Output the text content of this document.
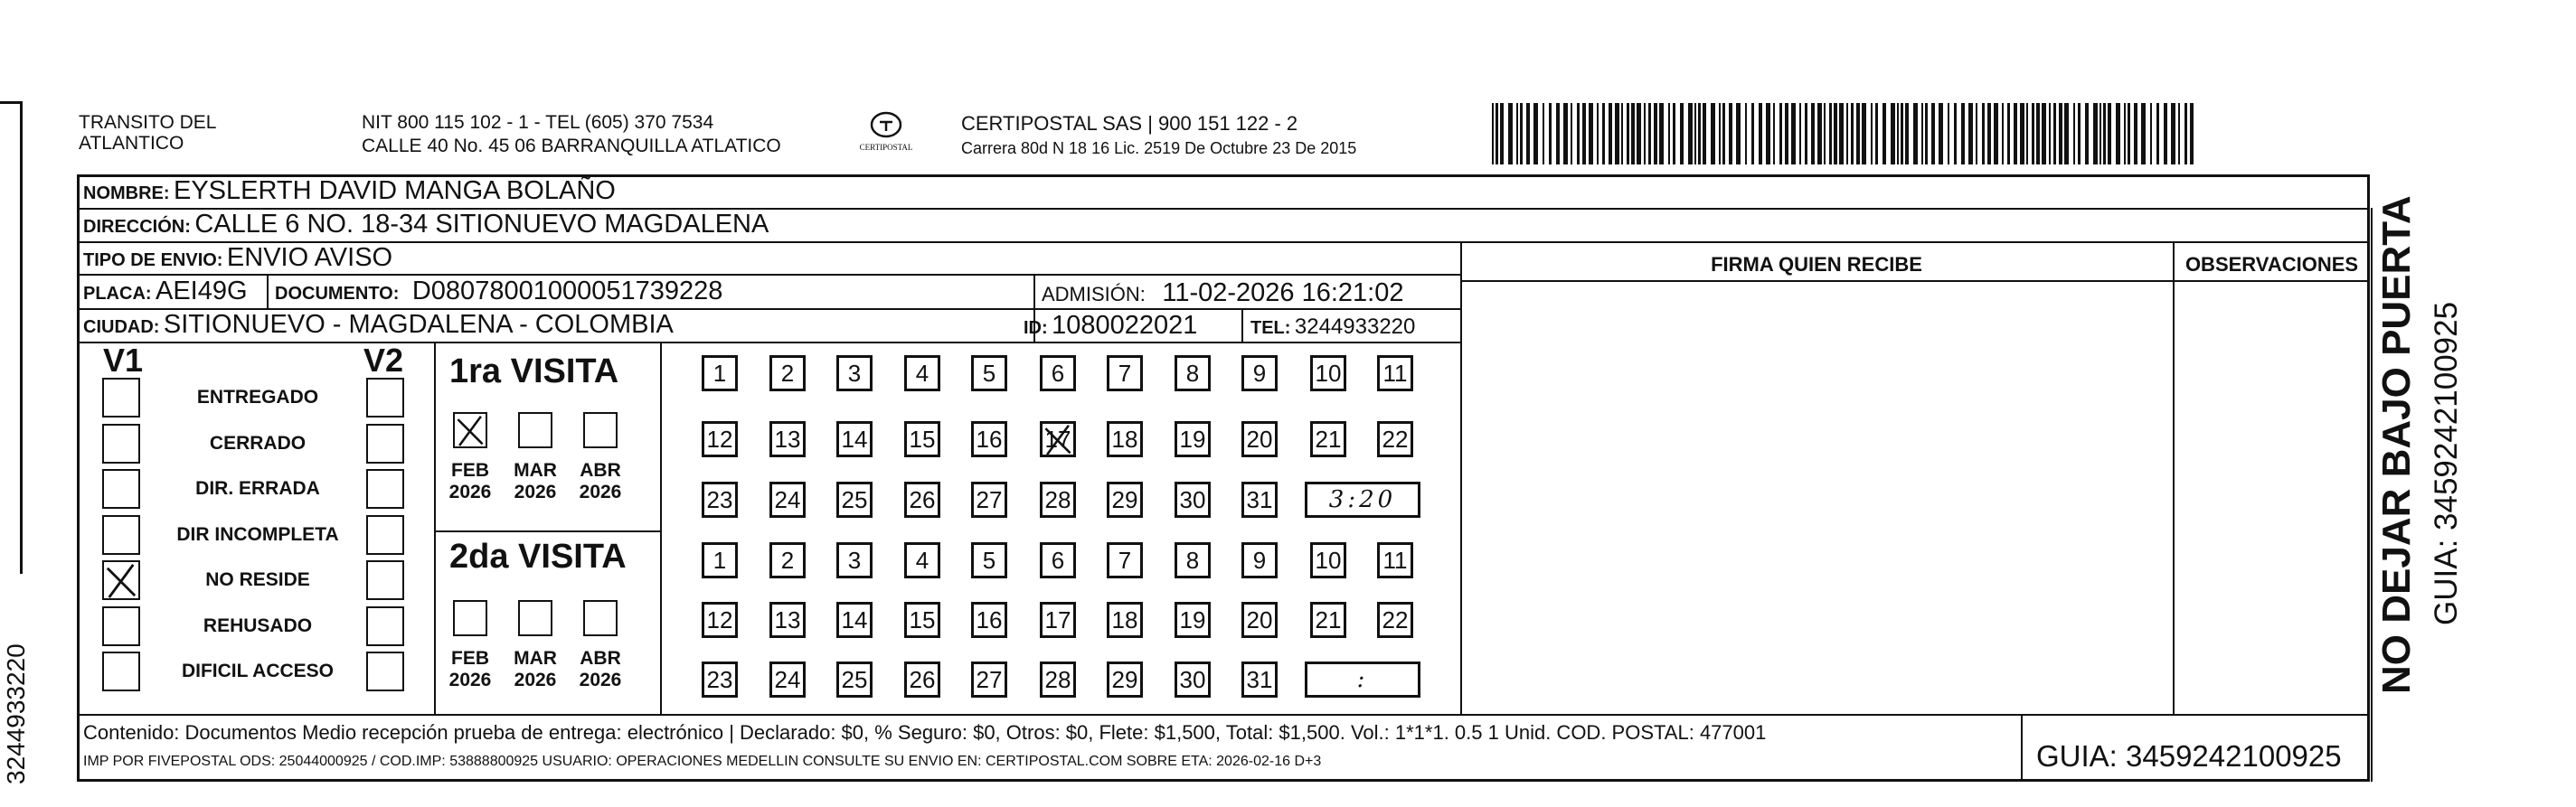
3244933220
TRANSITO DEL
ATLANTICO
NIT 800 115 102 - 1 - TEL (605) 370 7534
CALLE 40 No. 45 06 BARRANQUILLA ATLATICO	CERTIPOSTAL
CERTIPOSTAL SAS | 900 151 122 - 2
Carrera 80d N 18 16 Lic. 2519 De Octubre 23 De 2015
NOMBRE: EYSLERTH DAVID MANGA BOLAÑO
DIRECCIÓN: CALLE 6 NO. 18-34 SITIONUEVO MAGDALENA
TIPO DE ENVIO: ENVIO AVISO
PLACA: AEI49G DOCUMENTO: D08078001000051739228	ADMISIÓN: 11-02-2026 16:21:02
CIUDAD: SITIONUEVO - MAGDALENA - COLOMBIA	ID: 1080022021	TEL: 3244933220
FIRMA QUIEN RECIBE	OBSERVACIONES
V1	V2
ENTREGADO
CERRADO
DIR. ERRADA
DIR INCOMPLETA
NO RESIDE
REHUSADO
DIFICIL ACCESO
1ra VISITA
2da VISITA
FEB
2026
MAR
2026
ABR
2026
FEB
2026
MAR
2026
ABR
2026
1	2	3	4	5	6	7	8	9	10 11
12 13 14 15 16 17 18 19 20 21 22
23 24 25 26 27 28 29 30 31	3:20
1	2	3	4	5	6	7	8	9	10 11
12 13 14 15 16 17 18 19 20 21 22
23 24 25 26 27 28 29 30 31	:
Contenido: Documentos Medio recepción prueba de entrega: electrónico | Declarado: $0, % Seguro: $0, Otros: $0, Flete: $1,500, Total: $1,500. Vol.: 1*1*1. 0.5 1 Unid. COD. POSTAL: 477001
IMP POR FIVEPOSTAL ODS: 25044000925 / COD.IMP: 53888800925 USUARIO: OPERACIONES MEDELLIN CONSULTE SU ENVIO EN: CERTIPOSTAL.COM SOBRE ETA: 2026-02-16 D+3	GUIA: 3459242100925
NO DEJAR BAJO PUERTA GUIA: 3459242100925
